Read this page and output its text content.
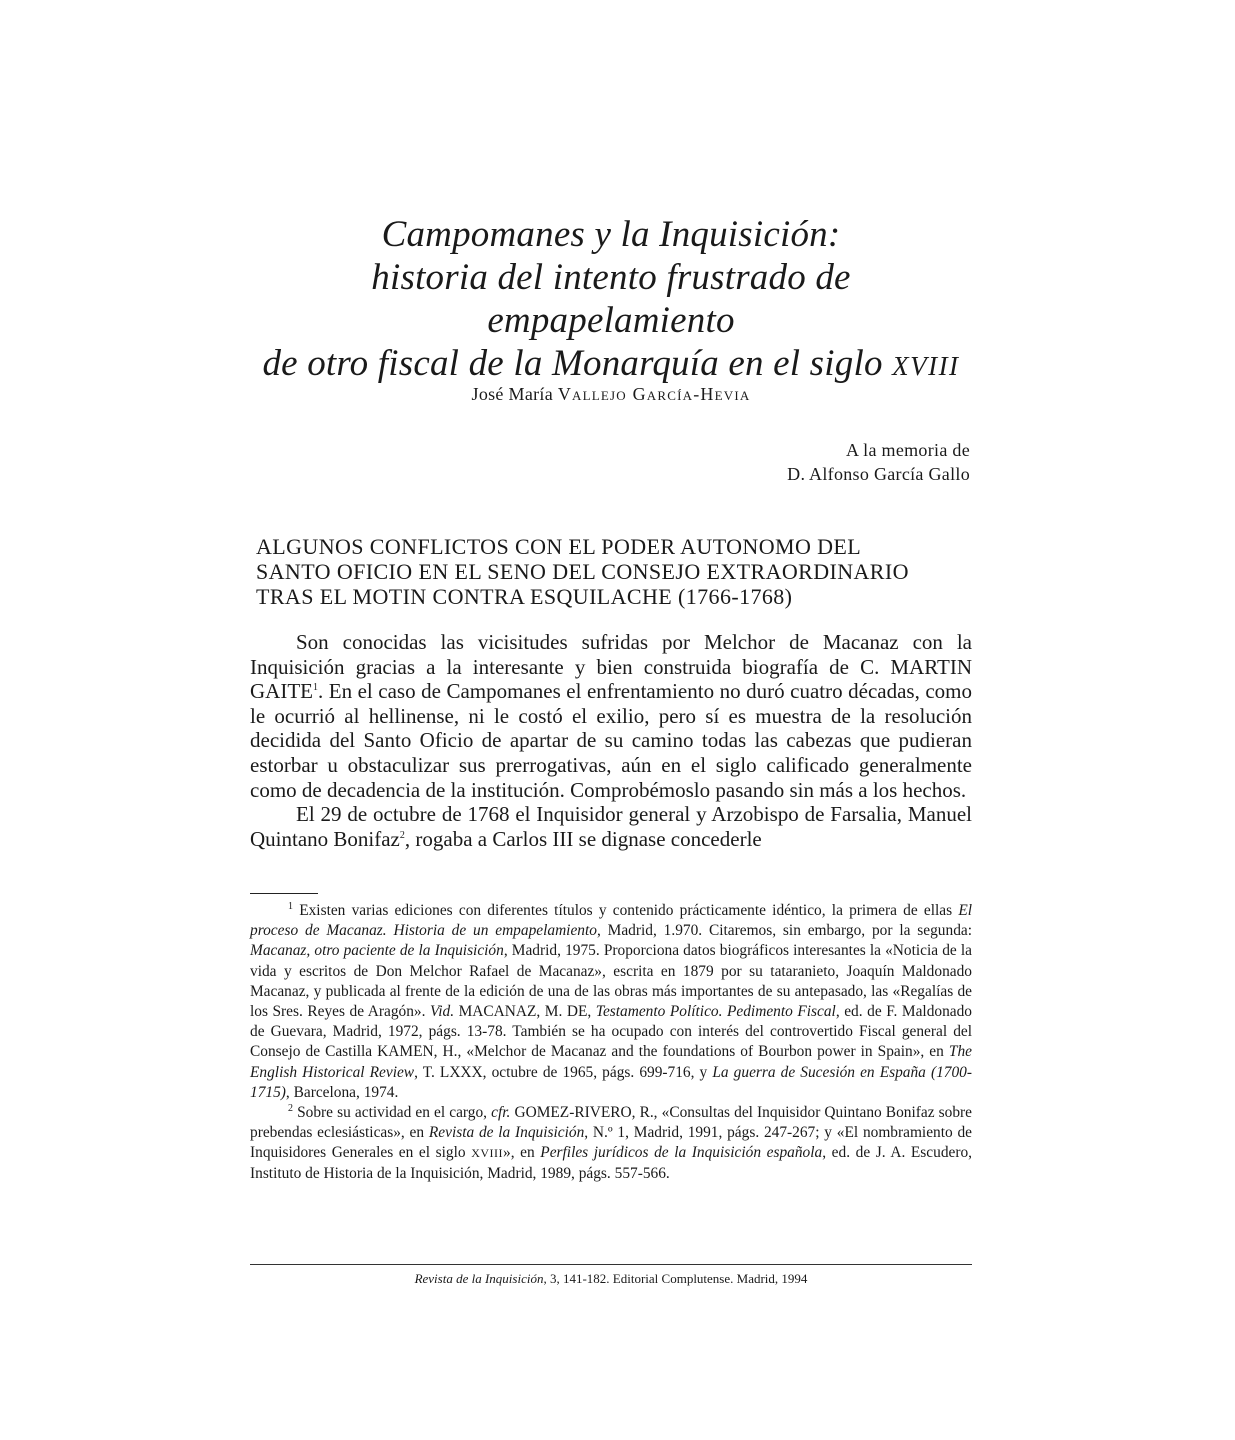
Campomanes y la Inquisición:
historia del intento frustrado de empapelamiento
de otro fiscal de la Monarquía en el siglo XVIII
José María Vallejo García-Hevia
A la memoria de
D. Alfonso García Gallo
ALGUNOS CONFLICTOS CON EL PODER AUTONOMO DEL
SANTO OFICIO EN EL SENO DEL CONSEJO EXTRAORDINARIO
TRAS EL MOTIN CONTRA ESQUILACHE (1766-1768)

Son conocidas las vicisitudes sufridas por Melchor de Macanaz con la Inquisición gracias a la interesante y bien construida biografía de C. MARTIN GAITE$^1$. En el caso de Campomanes el enfrentamiento no duró cuatro décadas, como le ocurrió al hellinense, ni le costó el exilio, pero sí es muestra de la resolución decidida del Santo Oficio de apartar de su camino todas las cabezas que pudieran estorbar u obstaculizar sus prerrogativas, aún en el siglo calificado generalmente como de decadencia de la institución. Comprobémoslo pasando sin más a los hechos.

El 29 de octubre de 1768 el Inquisidor general y Arzobispo de Farsalia, Manuel Quintano Bonifaz$^2$, rogaba a Carlos III se dignase concederle

$^1$ Existen varias ediciones con diferentes títulos y contenido prácticamente idéntico, la primera de ellas El proceso de Macanaz. Historia de un empapelamiento, Madrid, 1.970. Citaremos, sin embargo, por la segunda: Macanaz, otro paciente de la Inquisición, Madrid, 1975. Proporciona datos biográficos interesantes la «Noticia de la vida y escritos de Don Melchor Rafael de Macanaz», escrita en 1879 por su tataranieto, Joaquín Maldonado Macanaz, y publicada al frente de la edición de una de las obras más importantes de su antepasado, las «Regalías de los Sres. Reyes de Aragón». Vid. MACANAZ, M. DE, Testamento Político. Pedimento Fiscal, ed. de F. Maldonado de Guevara, Madrid, 1972, págs. 13-78. También se ha ocupado con interés del controvertido Fiscal general del Consejo de Castilla KAMEN, H., «Melchor de Macanaz and the foundations of Bourbon power in Spain», en The English Historical Review, T. LXXX, octubre de 1965, págs. 699-716, y La guerra de Sucesión en España (1700-1715), Barcelona, 1974.

$^2$ Sobre su actividad en el cargo, cfr. GOMEZ-RIVERO, R., «Consultas del Inquisidor Quintano Bonifaz sobre prebendas eclesiásticas», en Revista de la Inquisición, N.º 1, Madrid, 1991, págs. 247-267; y «El nombramiento de Inquisidores Generales en el siglo XVIII», en Perfiles jurídicos de la Inquisición española, ed. de J. A. Escudero, Instituto de Historia de la Inquisición, Madrid, 1989, págs. 557-566.

Revista de la Inquisición, 3, 141-182. Editorial Complutense. Madrid, 1994
